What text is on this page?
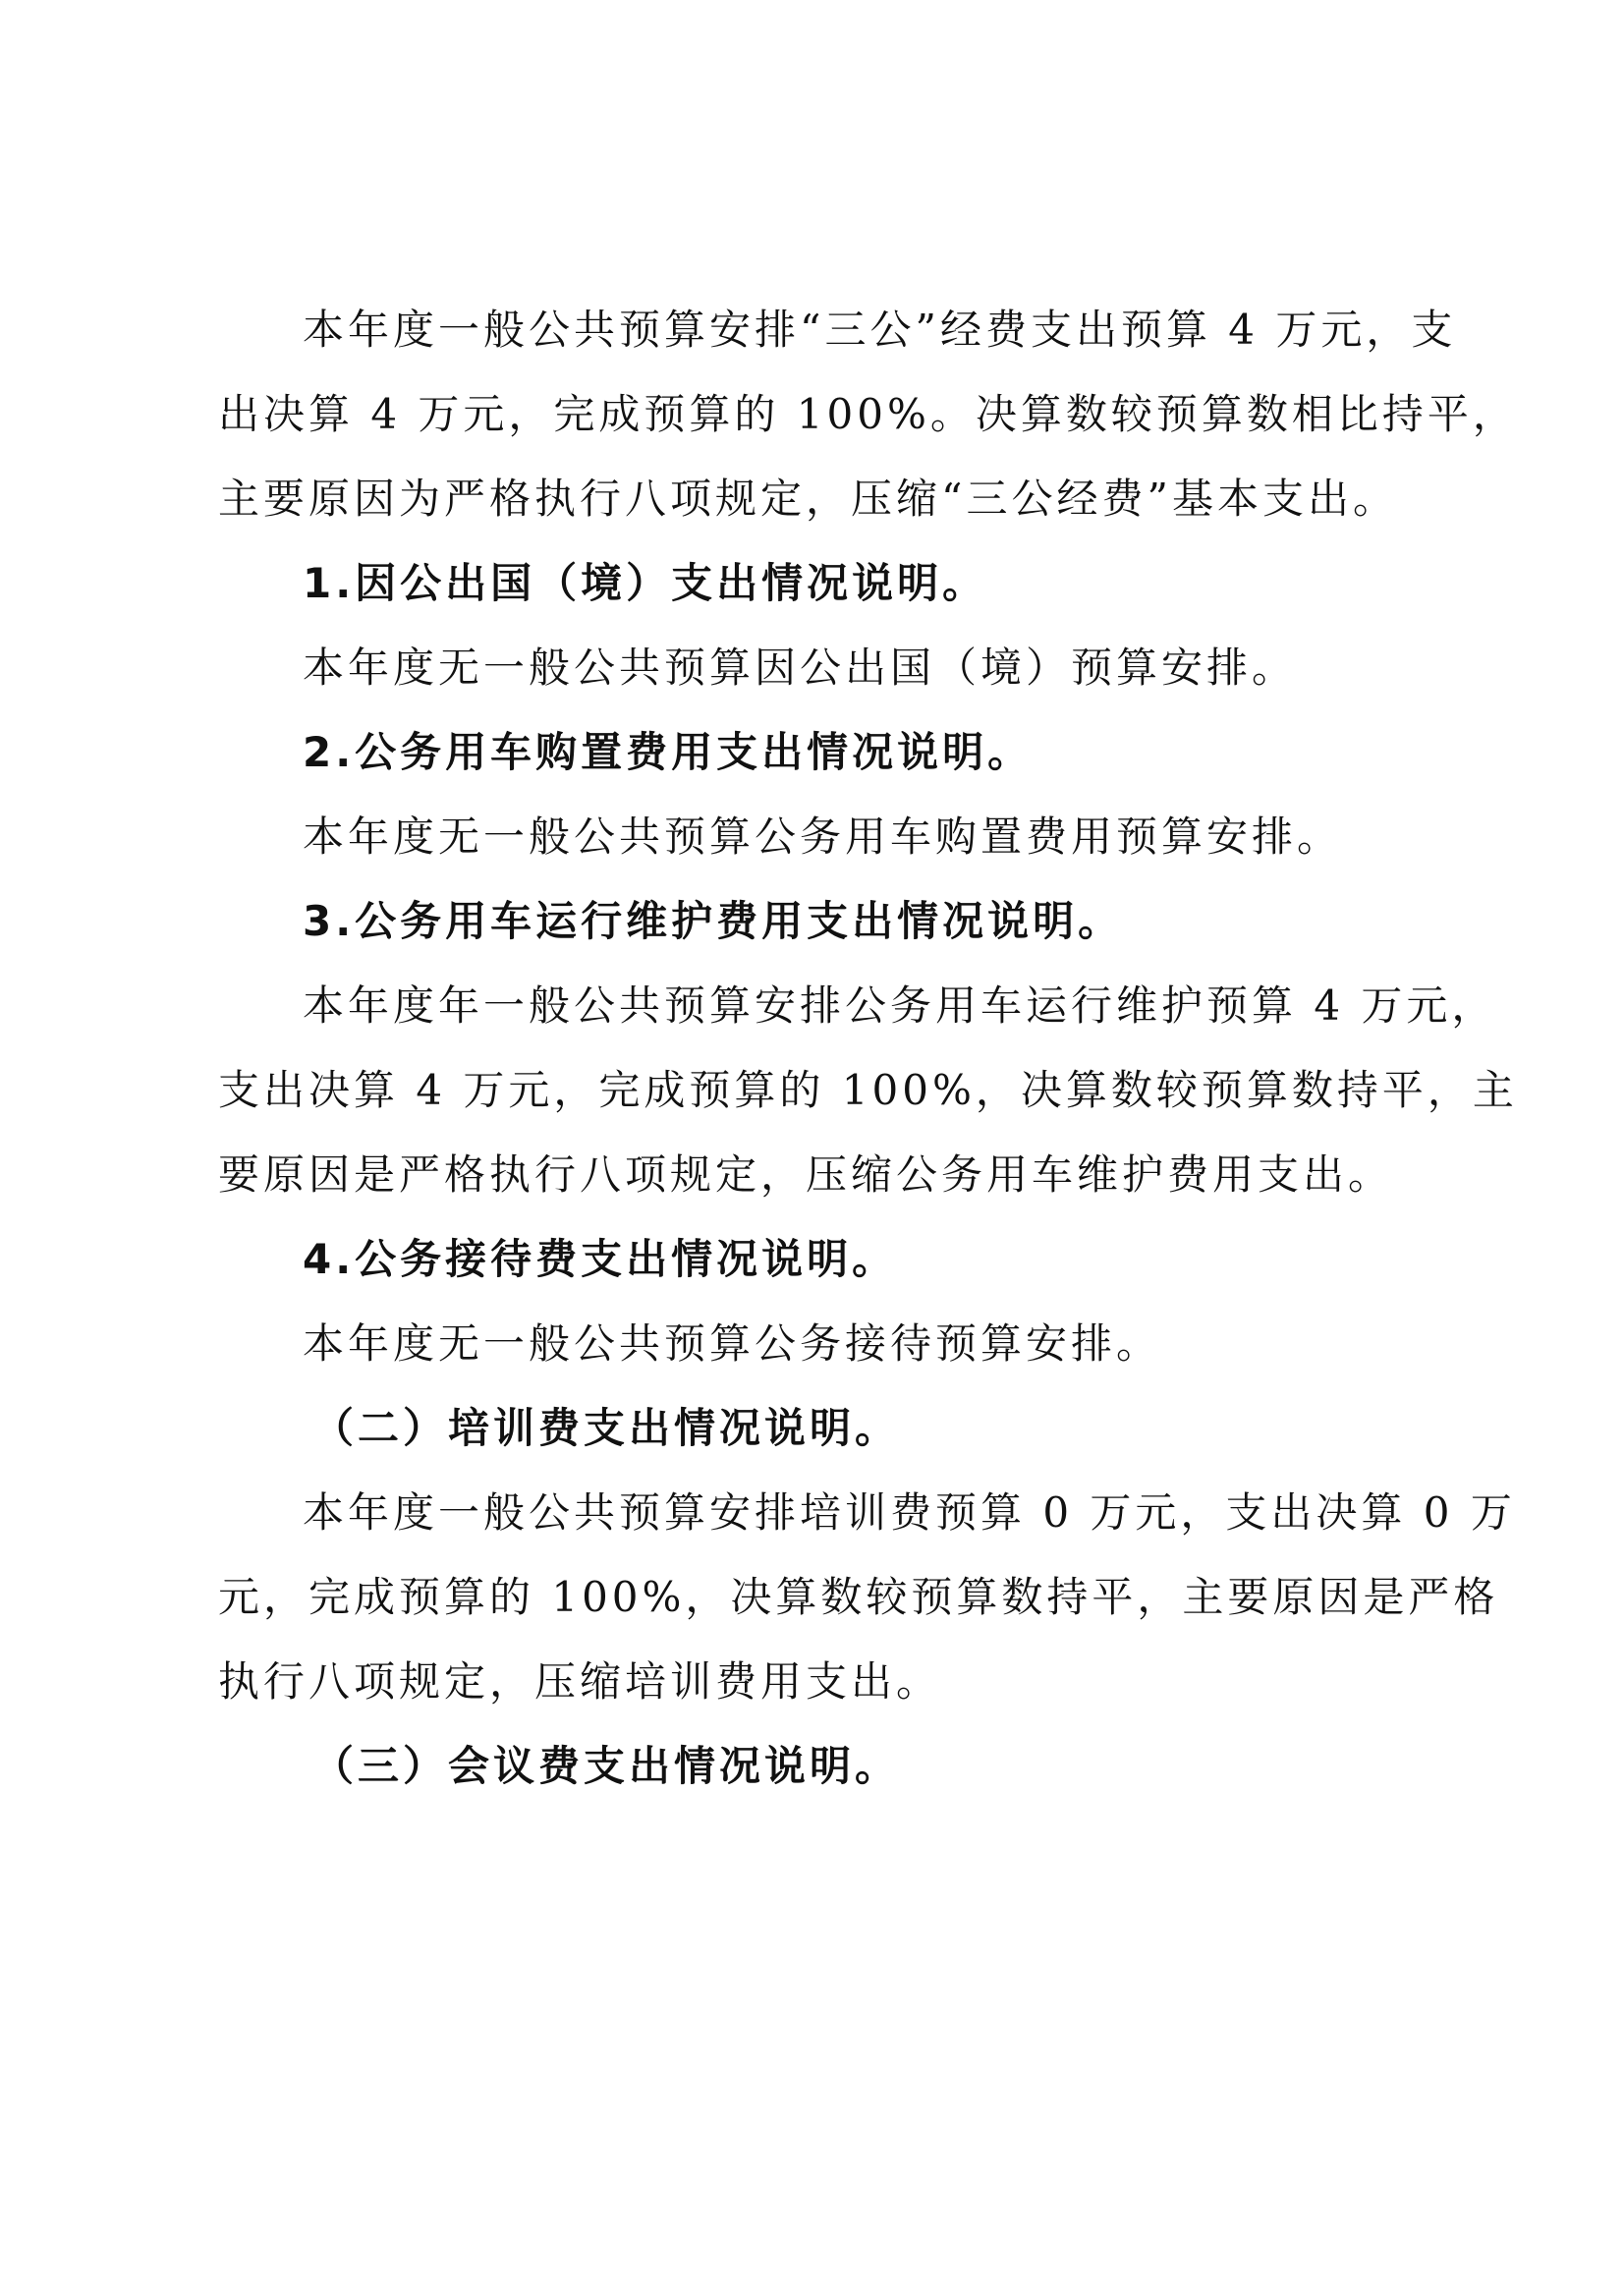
本年度一般公共预算安排“三公”经费支出预算 4 万元，支
出决算 4 万元，完成预算的 100%。决算数较预算数相比持平，
主要原因为严格执行八项规定，压缩“三公经费”基本支出。
1.因公出国（境）支出情况说明。
本年度无一般公共预算因公出国（境）预算安排。
2.公务用车购置费用支出情况说明。
本年度无一般公共预算公务用车购置费用预算安排。
3.公务用车运行维护费用支出情况说明。
本年度年一般公共预算安排公务用车运行维护预算 4 万元，
支出决算 4 万元，完成预算的 100%，决算数较预算数持平，主
要原因是严格执行八项规定，压缩公务用车维护费用支出。
4.公务接待费支出情况说明。
本年度无一般公共预算公务接待预算安排。
（二）培训费支出情况说明。
本年度一般公共预算安排培训费预算 0 万元，支出决算 0 万
元，完成预算的 100%，决算数较预算数持平，主要原因是严格
执行八项规定，压缩培训费用支出。
（三）会议费支出情况说明。
